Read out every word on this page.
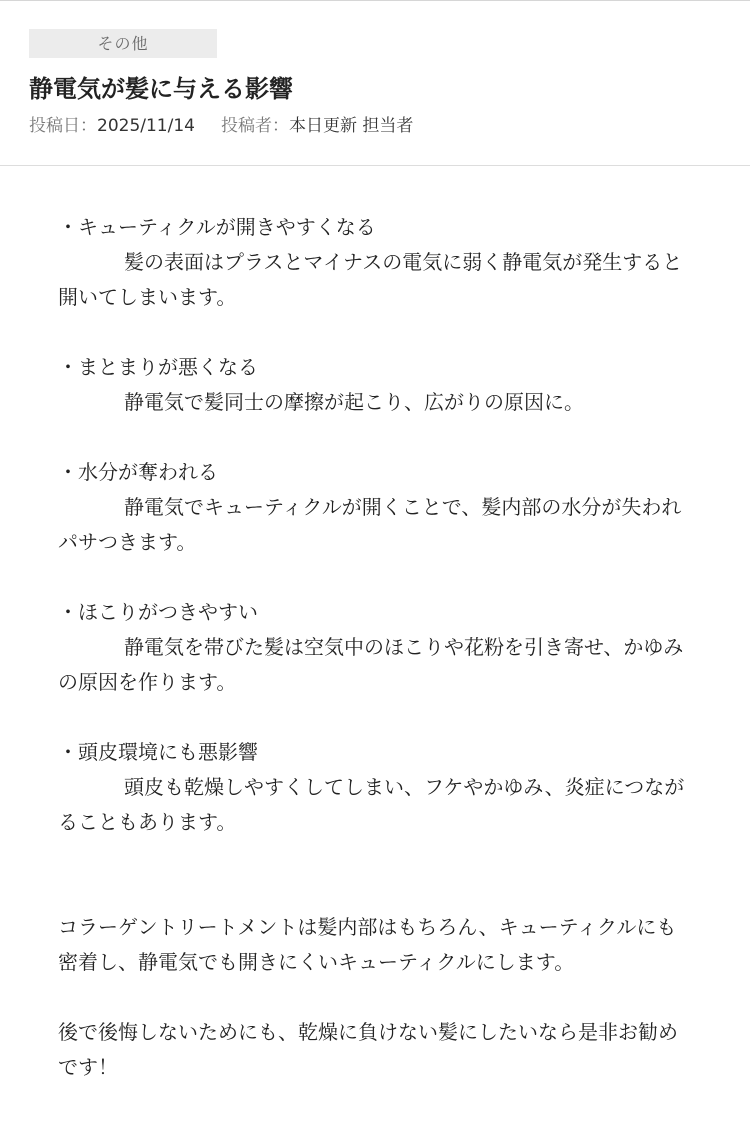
その他
静電気が髪に与える影響
投稿日：2025/11/14 投稿者：本日更新 担当者

・キューティクルが開きやすくなる

髪の表面はプラスとマイナスの電気に弱く静電気が発生すると開いてしまいます。

・まとまりが悪くなる

静電気で髪同士の摩擦が起こり、広がりの原因に。

・水分が奪われる

静電気でキューティクルが開くことで、髪内部の水分が失われパサつきます。

・ほこりがつきやすい

静電気を帯びた髪は空気中のほこりや花粉を引き寄せ、かゆみの原因を作ります。

・頭皮環境にも悪影響

頭皮も乾燥しやすくしてしまい、フケやかゆみ、炎症につながることもあります。

コラーゲントリートメントは髪内部はもちろん、キューティクルにも密着し、静電気でも開きにくいキューティクルにします。

後で後悔しないためにも、乾燥に負けない髪にしたいなら是非お勧めです！
